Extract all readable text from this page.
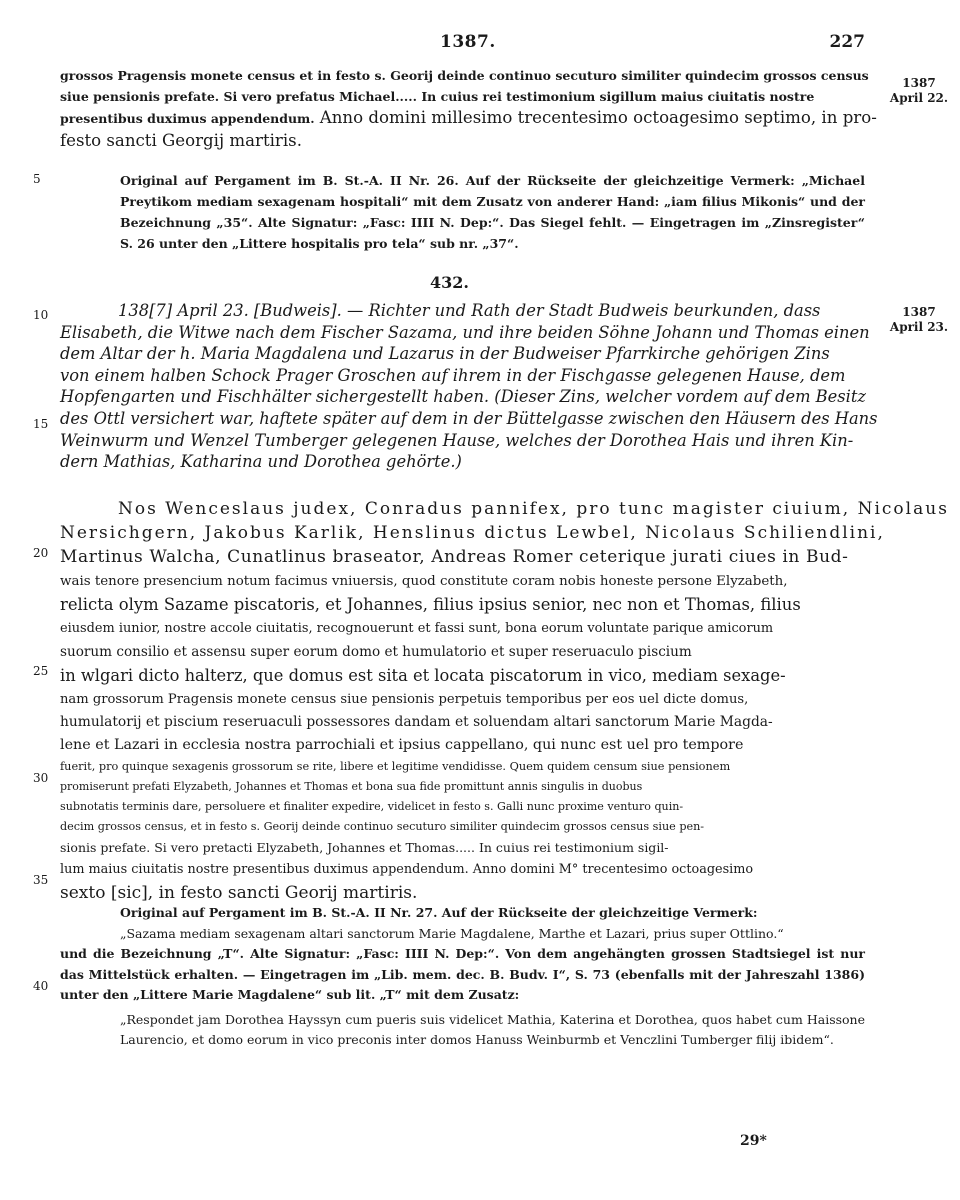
1387.	227
1387
April 22.
grossos Pragensis monete census et in festo s. Georij deinde continuo secuturo similiter quindecim grossos census
siue pensionis prefate. Si vero prefatus Michael..... In cuius rei testimonium sigillum maius ciuitatis nostre
presentibus duximus appendendum. Anno domini millesimo trecentesimo octoagesimo septimo, in pro-
festo sancti Georgij martiris.
5	Original auf Pergament im B. St.-A. II Nr. 26. Auf der Rückseite der gleichzeitige Vermerk: „Michael Preytikom mediam sexagenam hospitali“ mit dem Zusatz von anderer Hand: „iam filius Mikonis“ und der Bezeichnung „35“. Alte Signatur: „Fasc: IIII N. Dep:“. Das Siegel fehlt. — Eingetragen im „Zinsregister“ S. 26 unter den „Littere hospitalis pro tela“ sub nr. „37“.
432.
1387
April 23.
10
15
138[7] April 23. [Budweis]. — Richter und Rath der Stadt Budweis beurkunden, dass
Elisabeth, die Witwe nach dem Fischer Sazama, und ihre beiden Söhne Johann und Thomas einen
dem Altar der h. Maria Magdalena und Lazarus in der Budweiser Pfarrkirche gehörigen Zins
von einem halben Schock Prager Groschen auf ihrem in der Fischgasse gelegenen Hause, dem
Hopfengarten und Fischhälter sichergestellt haben. (Dieser Zins, welcher vordem auf dem Besitz
des Ottl versichert war, haftete später auf dem in der Büttelgasse zwischen den Häusern des Hans
Weinwurm und Wenzel Tumberger gelegenen Hause, welches der Dorothea Hais und ihren Kin-
dern Mathias, Katharina und Dorothea gehörte.)
20
25
30
35
Nos Wenceslaus judex, Conradus pannifex, pro tunc magister ciuium, Nicolaus
Nersichgern, Jakobus Karlik, Henslinus dictus Lewbel, Nicolaus Schiliendlini,
Martinus Walcha, Cunatlinus braseator, Andreas Romer ceterique jurati ciues in Bud-
wais tenore presencium notum facimus vniuersis, quod constitute coram nobis honeste persone Elyzabeth,
relicta olym Sazame piscatoris, et Johannes, filius ipsius senior, nec non et Thomas, filius
eiusdem iunior, nostre accole ciuitatis, recognouerunt et fassi sunt, bona eorum voluntate parique amicorum
suorum consilio et assensu super eorum domo et humulatorio et super reseruaculo piscium
in wlgari dicto halterz, que domus est sita et locata piscatorum in vico, mediam sexage-
nam grossorum Pragensis monete census siue pensionis perpetuis temporibus per eos uel dicte domus,
humulatorij et piscium reseruaculi possessores dandam et soluendam altari sanctorum Marie Magda-
lene et Lazari in ecclesia nostra parrochiali et ipsius cappellano, qui nunc est uel pro tempore
fuerit, pro quinque sexagenis grossorum se rite, libere et legitime vendidisse. Quem quidem censum siue pensionem
promiserunt prefati Elyzabeth, Johannes et Thomas et bona sua fide promittunt annis singulis in duobus
subnotatis terminis dare, persoluere et finaliter expedire, videlicet in festo s. Galli nunc proxime venturo quin-
decim grossos census, et in festo s. Georij deinde continuo secuturo similiter quindecim grossos census siue pen-
sionis prefate. Si vero pretacti Elyzabeth, Johannes et Thomas..... In cuius rei testimonium sigil-
lum maius ciuitatis nostre presentibus duximus appendendum. Anno domini M° trecentesimo octoagesimo
sexto [sic], in festo sancti Georij martiris.
40
Original auf Pergament im B. St.-A. II Nr. 27. Auf der Rückseite der gleichzeitige Vermerk:
„Sazama mediam sexagenam altari sanctorum Marie Magdalene, Marthe et Lazari, prius super Ottlino.“
und die Bezeichnung „T“. Alte Signatur: „Fasc: IIII N. Dep:“. Von dem angehängten grossen Stadtsiegel ist nur das Mittelstück erhalten. — Eingetragen im „Lib. mem. dec. B. Budv. I“, S. 73 (ebenfalls mit der Jahreszahl 1386) unter den „Littere Marie Magdalene“ sub lit. „T“ mit dem Zusatz:
„Respondet jam Dorothea Hayssyn cum pueris suis videlicet Mathia, Katerina et Dorothea, quos habet cum Haissone Laurencio, et domo eorum in vico preconis inter domos Hanuss Weinburmb et Venczlini Tumberger filij ibidem“.
29*
